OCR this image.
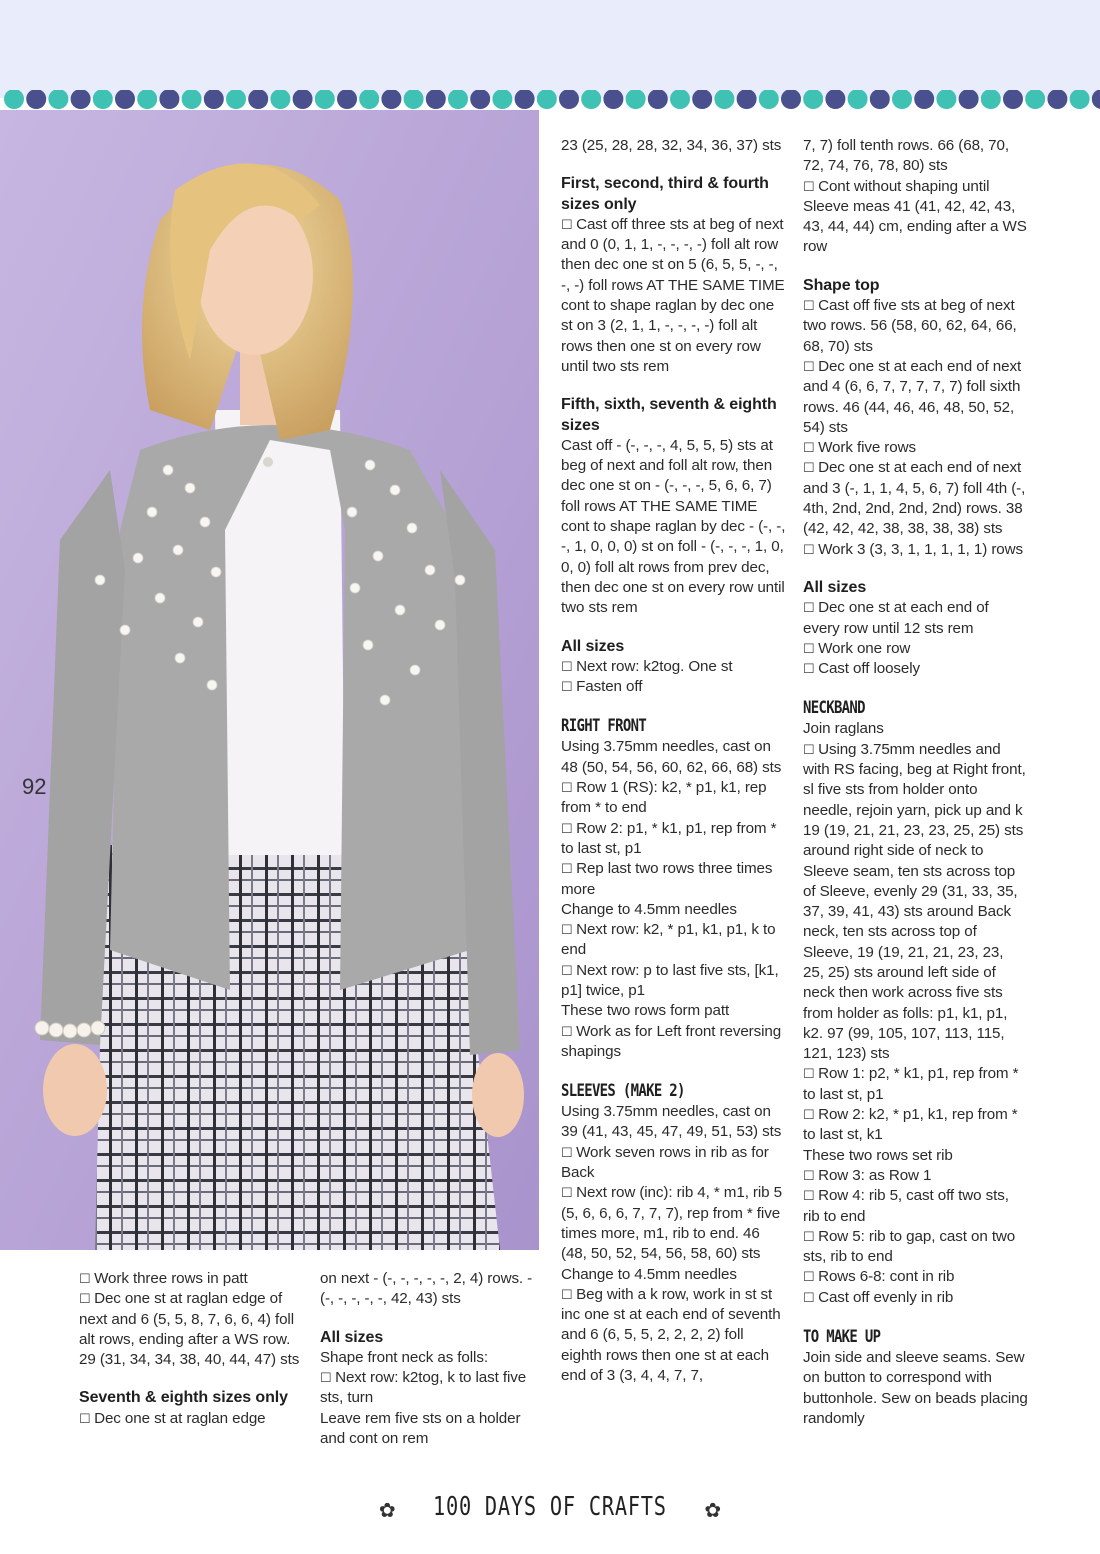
92

☐ Work three rows in patt

☐ Dec one st at raglan edge of next and 6 (5, 5, 8, 7, 6, 6, 4) foll alt rows, ending after a WS row. 29 (31, 34, 34, 38, 40, 44, 47) sts

Seventh & eighth sizes only

☐ Dec one st at raglan edge

on next - (-, -, -, -, -, 2, 4) rows. - (-, -, -, -, -, 42, 43) sts

All sizes

Shape front neck as folls:

☐ Next row: k2tog, k to last five sts, turn

Leave rem five sts on a holder and cont on rem

23 (25, 28, 28, 32, 34, 36, 37) sts

First, second, third & fourth sizes only

☐ Cast off three sts at beg of next and 0 (0, 1, 1, -, -, -, -) foll alt row then dec one st on 5 (6, 5, 5, -, -, -, -) foll rows AT THE SAME TIME cont to shape raglan by dec one st on 3 (2, 1, 1, -, -, -, -) foll alt rows then one st on every row until two sts rem

Fifth, sixth, seventh & eighth sizes

Cast off - (-, -, -, 4, 5, 5, 5) sts at beg of next and foll alt row, then dec one st on - (-, -, -, 5, 6, 6, 7) foll rows AT THE SAME TIME cont to shape raglan by dec - (-, -, -, 1, 0, 0, 0) st on foll - (-, -, -, 1, 0, 0, 0) foll alt rows from prev dec, then dec one st on every row until two sts rem

All sizes

☐ Next row: k2tog. One st

☐ Fasten off

RIGHT FRONT

Using 3.75mm needles, cast on 48 (50, 54, 56, 60, 62, 66, 68) sts

☐ Row 1 (RS): k2, * p1, k1, rep from * to end

☐ Row 2: p1, * k1, p1, rep from * to last st, p1

☐ Rep last two rows three times more

Change to 4.5mm needles

☐ Next row: k2, * p1, k1, p1, k to end

☐ Next row: p to last five sts, [k1, p1] twice, p1

These two rows form patt

☐ Work as for Left front reversing shapings

SLEEVES (MAKE 2)

Using 3.75mm needles, cast on 39 (41, 43, 45, 47, 49, 51, 53) sts

☐ Work seven rows in rib as for Back

☐ Next row (inc): rib 4, * m1, rib 5 (5, 6, 6, 6, 7, 7, 7), rep from * five times more, m1, rib to end. 46 (48, 50, 52, 54, 56, 58, 60) sts

Change to 4.5mm needles

☐ Beg with a k row, work in st st inc one st at each end of seventh and 6 (6, 5, 5, 2, 2, 2, 2) foll eighth rows then one st at each end of 3 (3, 4, 4, 7, 7,

7, 7) foll tenth rows. 66 (68, 70, 72, 74, 76, 78, 80) sts

☐ Cont without shaping until Sleeve meas 41 (41, 42, 42, 43, 43, 44, 44) cm, ending after a WS row

Shape top

☐ Cast off five sts at beg of next two rows. 56 (58, 60, 62, 64, 66, 68, 70) sts

☐ Dec one st at each end of next and 4 (6, 6, 7, 7, 7, 7, 7) foll sixth rows. 46 (44, 46, 46, 48, 50, 52, 54) sts

☐ Work five rows

☐ Dec one st at each end of next and 3 (-, 1, 1, 4, 5, 6, 7) foll 4th (-, 4th, 2nd, 2nd, 2nd, 2nd) rows. 38 (42, 42, 42, 38, 38, 38, 38) sts

☐ Work 3 (3, 3, 1, 1, 1, 1, 1) rows

All sizes

☐ Dec one st at each end of every row until 12 sts rem

☐ Work one row

☐ Cast off loosely

NECKBAND

Join raglans

☐ Using 3.75mm needles and with RS facing, beg at Right front, sl five sts from holder onto needle, rejoin yarn, pick up and k 19 (19, 21, 21, 23, 23, 25, 25) sts around right side of neck to Sleeve seam, ten sts across top of Sleeve, evenly 29 (31, 33, 35, 37, 39, 41, 43) sts around Back neck, ten sts across top of Sleeve, 19 (19, 21, 21, 23, 23, 25, 25) sts around left side of neck then work across five sts from holder as folls: p1, k1, p1, k2. 97 (99, 105, 107, 113, 115, 121, 123) sts

☐ Row 1: p2, * k1, p1, rep from * to last st, p1

☐ Row 2: k2, * p1, k1, rep from * to last st, k1

These two rows set rib

☐ Row 3: as Row 1

☐ Row 4: rib 5, cast off two sts, rib to end

☐ Row 5: rib to gap, cast on two sts, rib to end

☐ Rows 6-8: cont in rib

☐ Cast off evenly in rib

TO MAKE UP

Join side and sleeve seams. Sew on button to correspond with buttonhole. Sew on beads placing randomly

✿ 100 DAYS OF CRAFTS ✿
